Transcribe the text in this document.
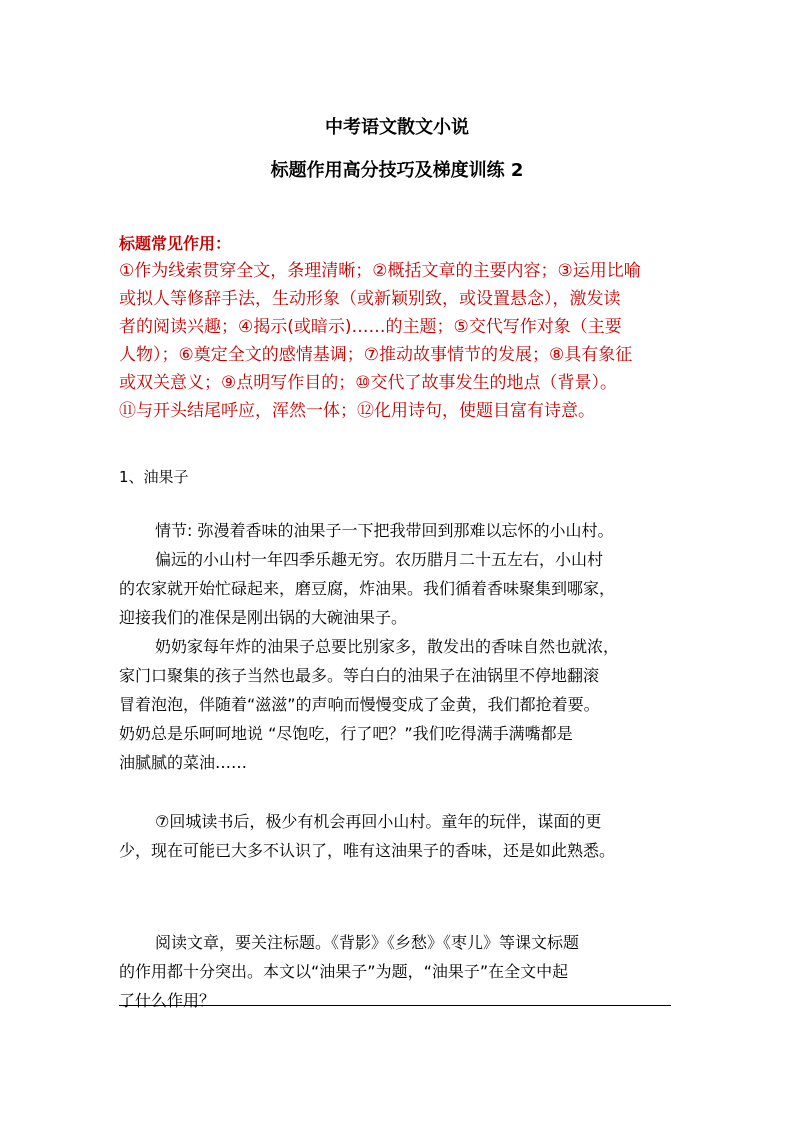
中考语文散文小说
标题作用高分技巧及梯度训练 2

标题常见作用：

①作为线索贯穿全文，条理清晰；②概括文章的主要内容；③运用比喻
或拟人等修辞手法，生动形象（或新颖别致，或设置悬念），激发读
者的阅读兴趣；④揭示(或暗示)……的主题；⑤交代写作对象（主要
人物）；⑥奠定全文的感情基调；⑦推动故事情节的发展；⑧具有象征
或双关意义；⑨点明写作目的；⑩交代了故事发生的地点（背景）。
⑪与开头结尾呼应，浑然一体；⑫化用诗句，使题目富有诗意。

1、油果子

情节: 弥漫着香味的油果子一下把我带回到那难以忘怀的小山村。
偏远的小山村一年四季乐趣无穷。农历腊月二十五左右，小山村
的农家就开始忙碌起来，磨豆腐，炸油果。我们循着香味聚集到哪家，
迎接我们的准保是刚出锅的大碗油果子。
奶奶家每年炸的油果子总要比别家多，散发出的香味自然也就浓，
家门口聚集的孩子当然也最多。等白白的油果子在油锅里不停地翻滚
冒着泡泡，伴随着“滋滋”的声响而慢慢变成了金黄，我们都抢着要。
奶奶总是乐呵呵地说 “尽饱吃，行了吧？”我们吃得满手满嘴都是
油腻腻的菜油……
⑦回城读书后，极少有机会再回小山村。童年的玩伴，谋面的更
少，现在可能已大多不认识了，唯有这油果子的香味，还是如此熟悉。
阅读文章，要关注标题。《背影》《乡愁》《枣儿》等课文标题
的作用都十分突出。本文以“油果子”为题，“油果子”在全文中起
了什么作用？
